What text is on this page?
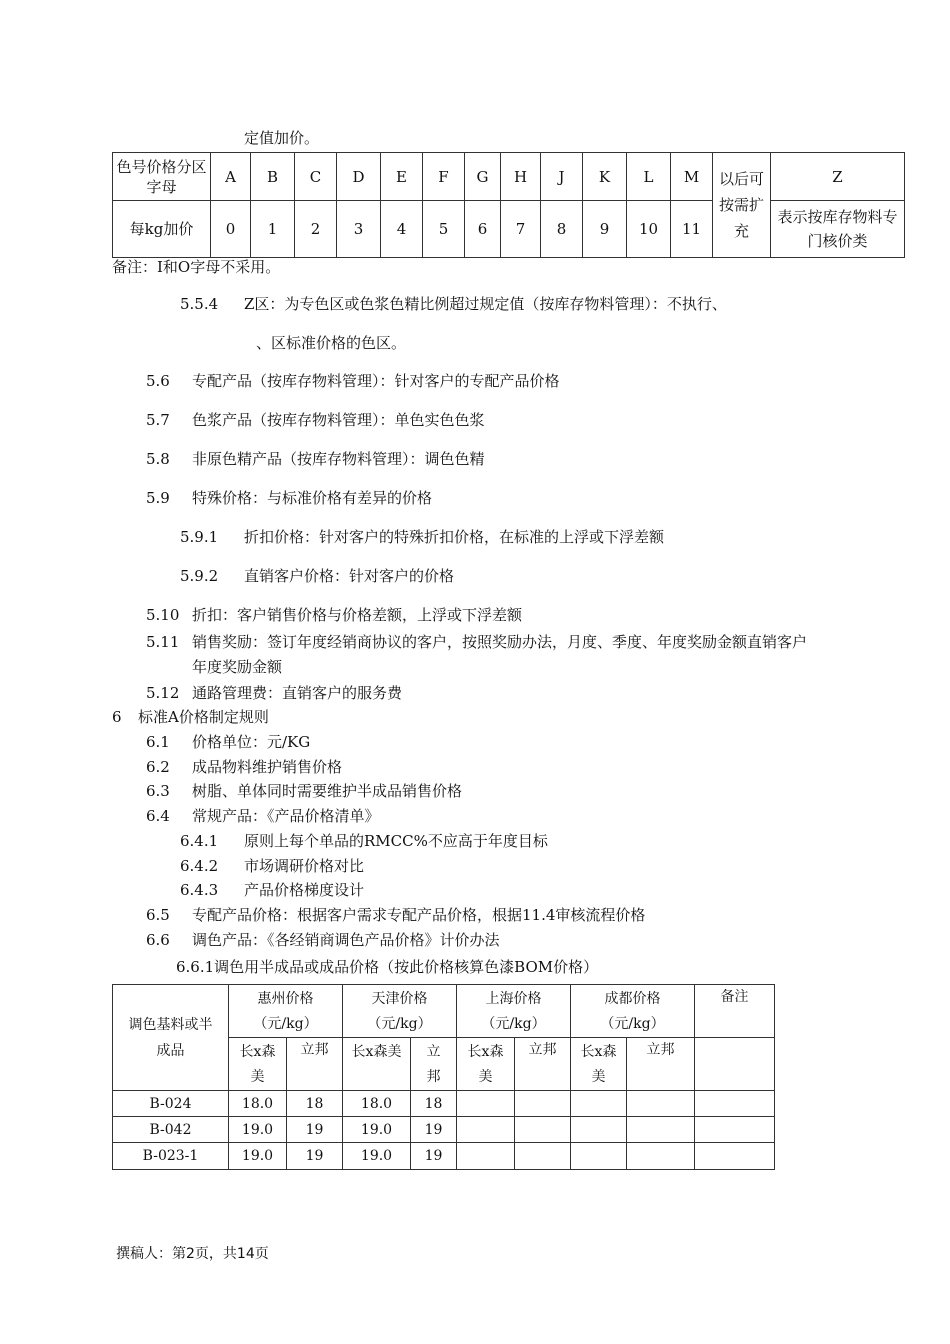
定值加价。
色号价格分区字母	A	B	C	D	E	F	G	H	J	K	L	M	以后可按需扩充	Z
每kg加价	0	1	2	3	4	5	6	7	8	9	10	11		表示按库存物料专门核价类
备注：I和O字母不采用。
5.5.4 Z区：为专色区或色浆色精比例超过规定值（按库存物料管理）：不执行、
、区标准价格的色区。
5.6 专配产品（按库存物料管理）：针对客户的专配产品价格
5.7 色浆产品（按库存物料管理）：单色实色色浆
5.8 非原色精产品（按库存物料管理）：调色色精
5.9 特殊价格：与标准价格有差异的价格
5.9.1 折扣价格：针对客户的特殊折扣价格，在标准的上浮或下浮差额
5.9.2 直销客户价格：针对客户的价格
5.10 折扣：客户销售价格与价格差额，上浮或下浮差额
5.11 销售奖励：签订年度经销商协议的客户，按照奖励办法，月度、季度、年度奖励金额直销客户
年度奖励金额
5.12 通路管理费：直销客户的服务费
6 标准A价格制定规则
6.1 价格单位：元/KG
6.2 成品物料维护销售价格
6.3 树脂、单体同时需要维护半成品销售价格
6.4 常规产品：《产品价格清单》
6.4.1 原则上每个单品的RMCC%不应高于年度目标
6.4.2 市场调研价格对比
6.4.3 产品价格梯度设计
6.5 专配产品价格：根据客户需求专配产品价格，根据11.4审核流程价格
6.6 调色产品：《各经销商调色产品价格》计价办法
6.6.1调色用半成品或成品价格（按此价格核算色漆BOM价格）
调色基料或半成品	惠州价格（元/kg）		天津价格（元/kg）		上海价格（元/kg）		成都价格（元/kg）		备注

	长x森美	立邦	长x森美	立邦	长x森美	立邦	长x森美	立邦	
B-024	18.0	18	18.0	18					
B-042	19.0	19	19.0	19					
B-023-1	19.0	19	19.0	19					
撰稿人：第2页，共14页
